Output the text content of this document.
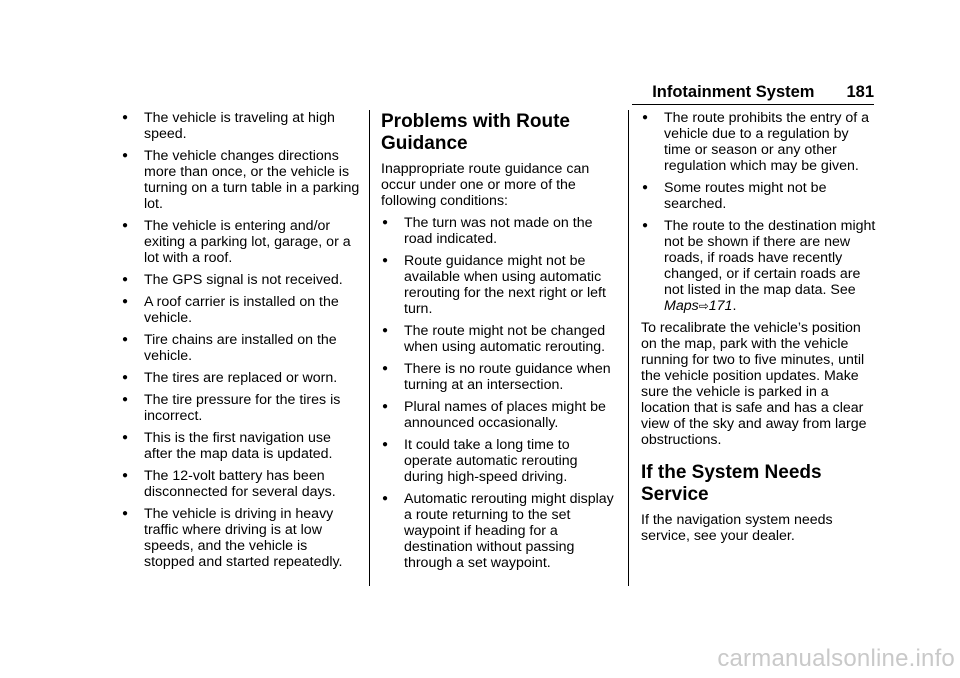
Infotainment System 181
●	The vehicle is traveling at high speed.
●	The vehicle changes directions more than once, or the vehicle is turning on a turn table in a parking lot.
●	The vehicle is entering and/or exiting a parking lot, garage, or a lot with a roof.
●	The GPS signal is not received.
●	A roof carrier is installed on the vehicle.
●	Tire chains are installed on the vehicle.
●	The tires are replaced or worn.
●	The tire pressure for the tires is incorrect.
●	This is the first navigation use after the map data is updated.
●	The 12-volt battery has been disconnected for several days.
●	The vehicle is driving in heavy traffic where driving is at low speeds, and the vehicle is stopped and started repeatedly.
Problems with Route Guidance

Inappropriate route guidance can occur under one or more of the following conditions:

●	The turn was not made on the road indicated.
●	Route guidance might not be available when using automatic rerouting for the next right or left turn.
●	The route might not be changed when using automatic rerouting.
●	There is no route guidance when turning at an intersection.
●	Plural names of places might be announced occasionally.
●	It could take a long time to operate automatic rerouting during high-speed driving.
●	Automatic rerouting might display a route returning to the set waypoint if heading for a destination without passing through a set waypoint.
●	The route prohibits the entry of a vehicle due to a regulation by time or season or any other regulation which may be given.
●	Some routes might not be searched.
●	The route to the destination might not be shown if there are new roads, if roads have recently changed, or if certain roads are not listed in the map data. See Maps⇨171.

To recalibrate the vehicle’s position on the map, park with the vehicle running for two to five minutes, until the vehicle position updates. Make sure the vehicle is parked in a location that is safe and has a clear view of the sky and away from large obstructions.

If the System Needs Service

If the navigation system needs service, see your dealer.

carmanualsonline.info
